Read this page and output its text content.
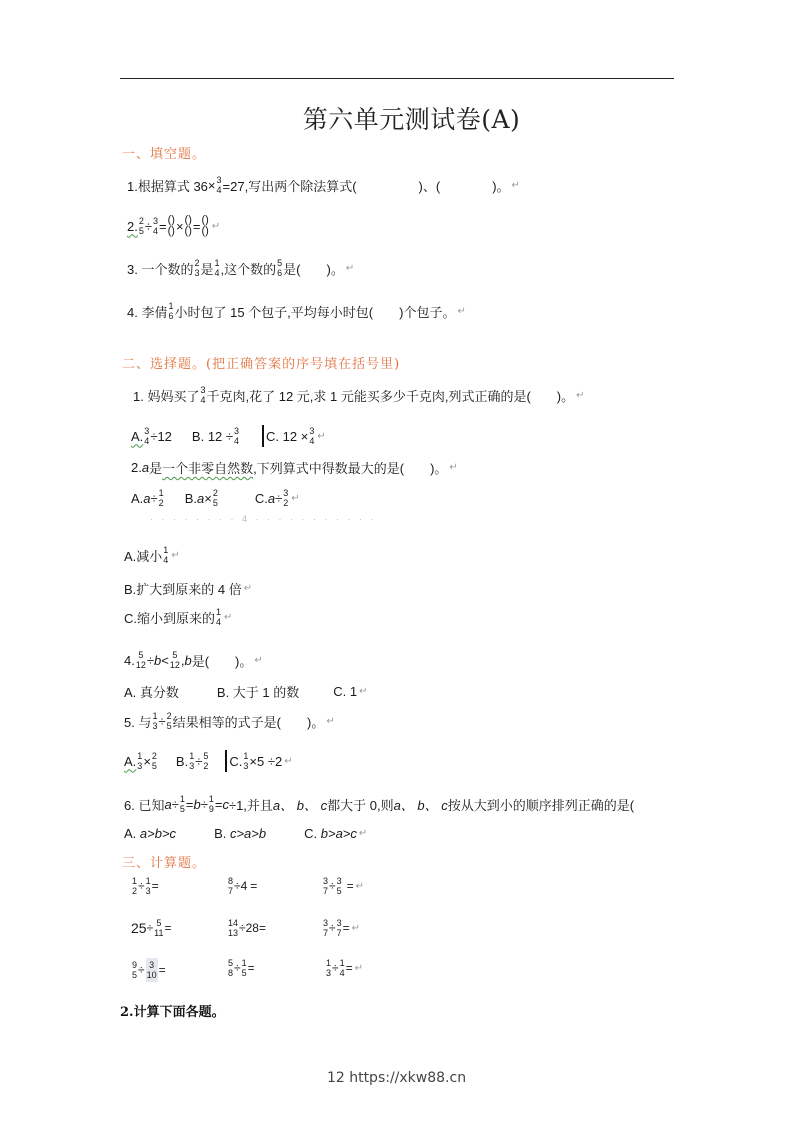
第六单元测试卷(A)
一、填空题。
1.根据算式 36 × 3
4 =27,写出两个除法算式(	)、(	)。 ↵
2. 2
5 ÷ 3
4 = ()
() × ()
() = ()
() ↵
3. 一个数的 2
3 是 1
4 ,这个数的 5
6 是( )。 ↵
4. 李倩 1
6 小时包了 15 个包子,平均每小时包( )个包子。 ↵
二、选择题。(把正确答案的序号填在括号里)
1. 妈妈买了 3
4 千克肉,花了 12 元,求 1 元能买多少千克肉,列式正确的是( )。 ↵
A. 3
4 ÷12 B. 12 ÷ 3
4 C. 12 × 3
4 ↵
2. a 是 一个非零自然数 ,下列算式中得数最大的是( )。 ↵
A. a ÷ 1
2 B. a × 2
5	C. a ÷ 3
2 ↵
· · · · · · · · 4 · · · · · · · · · · ·
A.减小 1
4 ↵
B.扩大到原来的 4 倍 ↵
C.缩小到原来的 1
4 ↵
4. 5
12 ÷ b < 5
12 , b 是( )。 ↵
A. 真分数	B. 大于 1 的数	C. 1 ↵
5. 与 1
3 ÷ 2
5 结果相等的式子是( )。 ↵
A. 1
3 × 2
5 B. 1
3 ÷ 5
2 C. 1
3 ×5 ÷2 ↵
6. 已知 a ÷ 1
5 = b ÷ 1
9 = c ÷1,并且 a、 b、 c 都大于 0,则 a、 b、 c 按从大到小的顺序排列正确的是(
A. a>b>c	B. c>a>b	C. b>a>c ↵
三、计算题。
1
2 ÷ 1
3 =	8
7 ÷4 =	3
7 ÷ 3
5 = ↵
25 ÷ 5
11 =	14
13 ÷28 =	3
7 ÷ 3
7 = ↵
9
5 ÷ 3
10 =	5
8 ÷ 1
5 =	1
3 ÷ 1
4 = ↵
2.计算下面各题。
12 https://xkw88.cn
